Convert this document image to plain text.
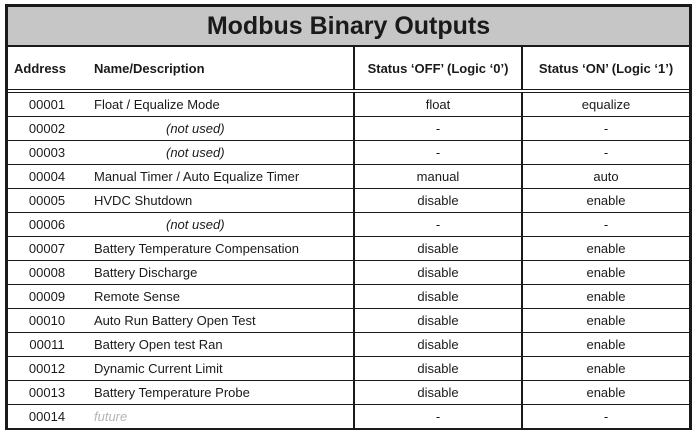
Modbus Binary Outputs
Address	Name/Description	Status ‘OFF’ (Logic ‘0’)	Status ‘ON’ (Logic ‘1’)
00001	Float / Equalize Mode	float	equalize
00002	(not used)	-	-
00003	(not used)	-	-
00004	Manual Timer / Auto Equalize Timer	manual	auto
00005	HVDC Shutdown	disable	enable
00006	(not used)	-	-
00007	Battery Temperature Compensation	disable	enable
00008	Battery Discharge	disable	enable
00009	Remote Sense	disable	enable
00010	Auto Run Battery Open Test	disable	enable
00011	Battery Open test Ran	disable	enable
00012	Dynamic Current Limit	disable	enable
00013	Battery Temperature Probe	disable	enable
00014	future	-	-
